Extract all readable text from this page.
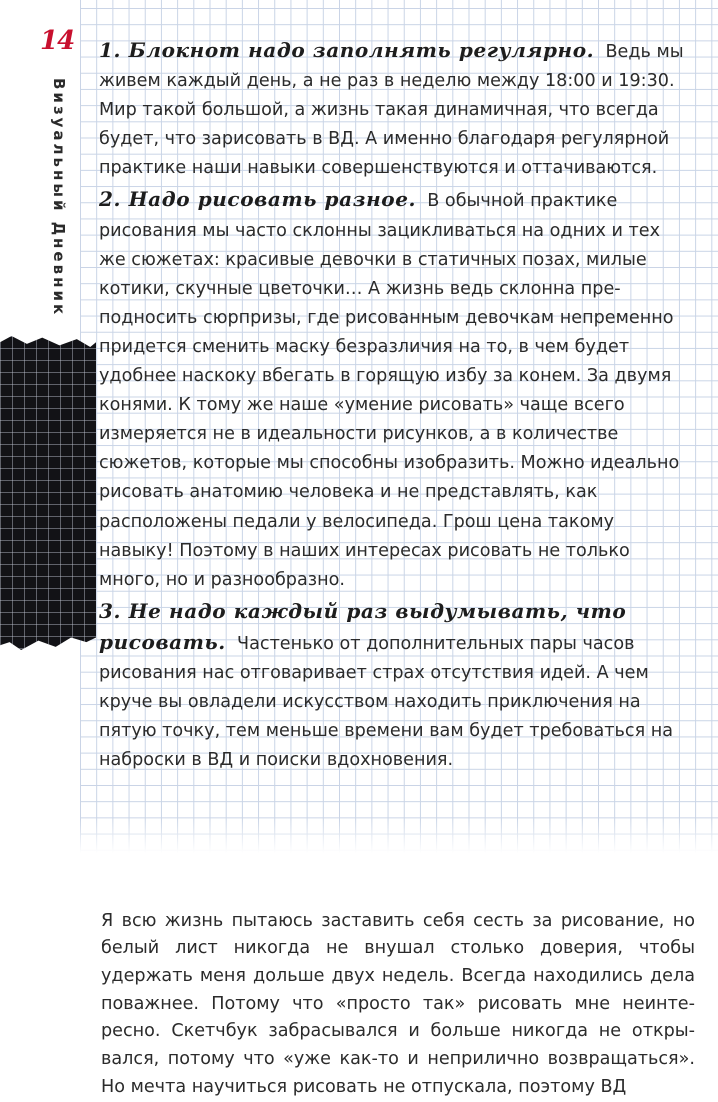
14
Визуальный Дневник

1. Блокнот надо заполнять регулярно. Ведь мы живем каждый день, а не раз в неделю между 18:00 и 19:30. Мир такой большой, а жизнь такая динамичная, что всегда будет, что зарисовать в ВД. А именно благодаря регулярной практике наши навыки совершенствуются и оттачиваются.

2. Надо рисовать разное. В обычной практике рисования мы часто склонны зацикливаться на одних и тех же сюжетах: красивые девочки в статичных позах, милые котики, скучные цветочки… А жизнь ведь склонна преподносить сюрпризы, где рисованным девочкам непременно придется сменить маску безразличия на то, в чем будет удобнее наскоку вбегать в горящую избу за конем. За двумя конями. К тому же наше «умение рисовать» чаще всего измеряется не в идеальности рисунков, а в количестве сюжетов, которые мы способны изобразить. Можно идеально рисовать анатомию человека и не представлять, как расположены педали у велосипеда. Грош цена такому навыку! Поэтому в наших интересах рисовать не только много, но и разнообразно.

3. Не надо каждый раз выдумывать, что рисовать. Частенько от дополнительных пары часов рисования нас отговаривает страх отсутствия идей. А чем круче вы овладели искусством находить приключения на пятую точку, тем меньше времени вам будет требоваться на наброски в ВД и поиски вдохновения.

Я всю жизнь пытаюсь заставить себя сесть за рисование, но белый лист никогда не внушал столько доверия, чтобы удержать меня дольше двух недель. Всегда находились дела поважнее. Потому что «просто так» рисовать мне неинтересно. Скетчбук забрасывался и больше никогда не открывался, потому что «уже как-то и неприлично возвращаться». Но мечта научиться рисовать не отпускала, поэтому ВД
